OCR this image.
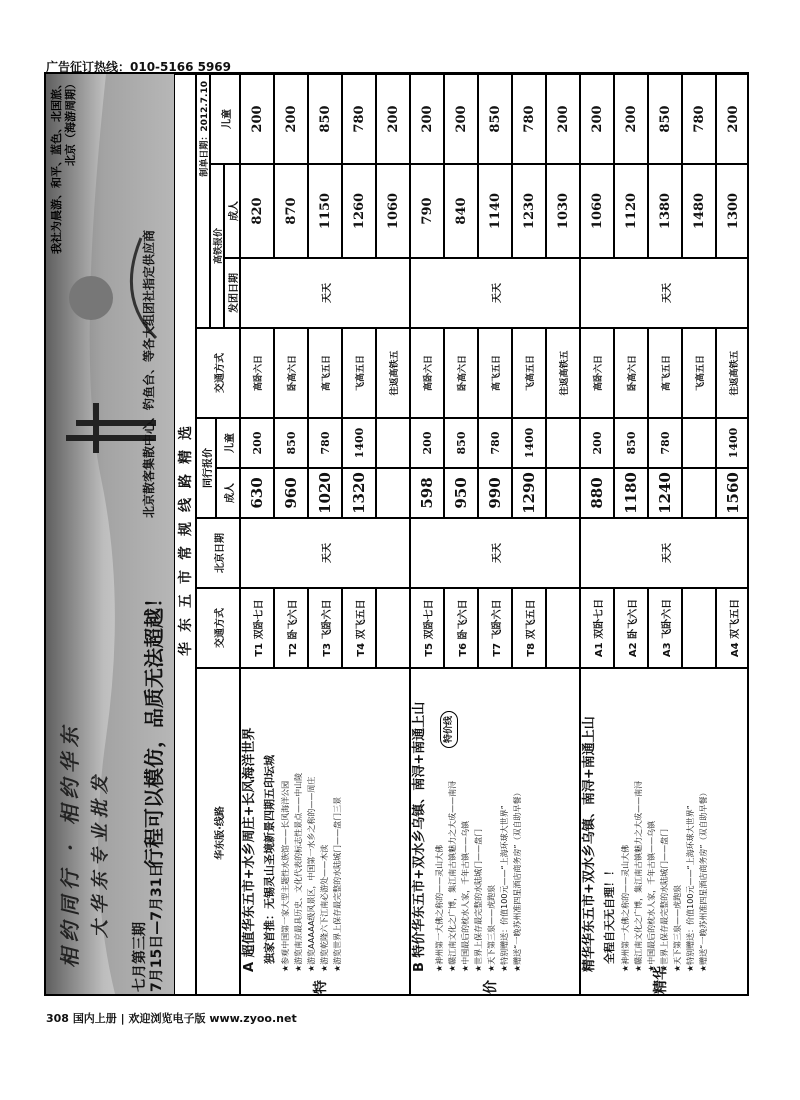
广告征订热线：010-5166 5969
相约同行 · 相约华东 大华东专业批发
我社为晨游、和平、蓝色、北国旅、北京（海游周期）
七月第三期 7月15日—7月31日
行程可以模仿，品质无法超越！
北京散客集散中心、钓鱼台、等各大组团社指定供应商
华东五市常规线路精选
华东版·线路
交通方式
北京日期
同行报价
成人
儿童
交通方式
制单日期：2012.7.10
高铁报价
发团日期
成人
儿童
特
A 超值华东五市+水乡周庄+长风海洋世界 独家首推：无锡灵山圣境新景四期五印坛城 ★参观中国第一家大型主题性水族馆——长风海洋公园 ★游览南京最具历史、文化代表的标志性景点——中山陵 ★游览AAAAA级风景区，中国第一水乡之称的——周庄 ★游览乾隆六下江南必游处——木渎 ★游览世界上保存最完整的水陆城门——盘门三景
天天
天天
T1 双卧七日
630
200
高卧六日
820
200
T2 卧飞六日
960
850
卧高六日
870
200
T3 飞卧六日
1020
780
高飞五日
1150
850
T4 双飞五日
1320
1400
飞高五日
1260
780
往返高铁五
1060
200
价
B 特价华东五市+双水乡乌镇、南浔+南通上山	特价线
★神州第一大佛之称的——灵山大佛 ★赣江南文化之广博，集江南古镇魅力之大成——南浔 ★中国最后的枕水人家，千年古镇——乌镇 ★世界上保存最完整的水陆城门——盘门 ★天下第三泉——虎跑泉 ★特别赠送：价值100元——“上海环球大世界” ★赠送“一晚苏州准四星酒店商务房”（双自助早餐）
天天
天天
T5 双卧七日
598
200
高卧六日
790
200
T6 卧飞六日
950
850
卧高六日
840
200
T7 飞卧六日
990
780
高飞五日
1140
850
T8 双飞五日
1290
1400
飞高五日
1230
780
往返高铁五
1030
200
精华
精华华东五市+双水乡乌镇、南浔+南通上山 全程自天无自理！！ ★神州第一大佛之称的——灵山大佛 ★赣江南文化之广博，集江南古镇魅力之大成——南浔 ★中国最后的枕水人家，千年古镇——乌镇 ★世界上保存最完整的水陆城门——盘门 ★天下第三泉——虎跑泉 ★特别赠送：价值100元——“上海环球大世界” ★赠送“一晚苏州准四星酒店商务房”（双自助早餐）
天天
天天
A1 双卧七日
880
200
高卧六日
1060
200
A2 卧飞六日
1180
850
卧高六日
1120
200
A3 飞卧六日
1240
780
高飞五日
1380
850
飞高五日
1480
780
A4 双飞五日
1560
1400
往返高铁五
1300
200
308 国内上册 | 欢迎浏览电子版 www.zyoo.net
